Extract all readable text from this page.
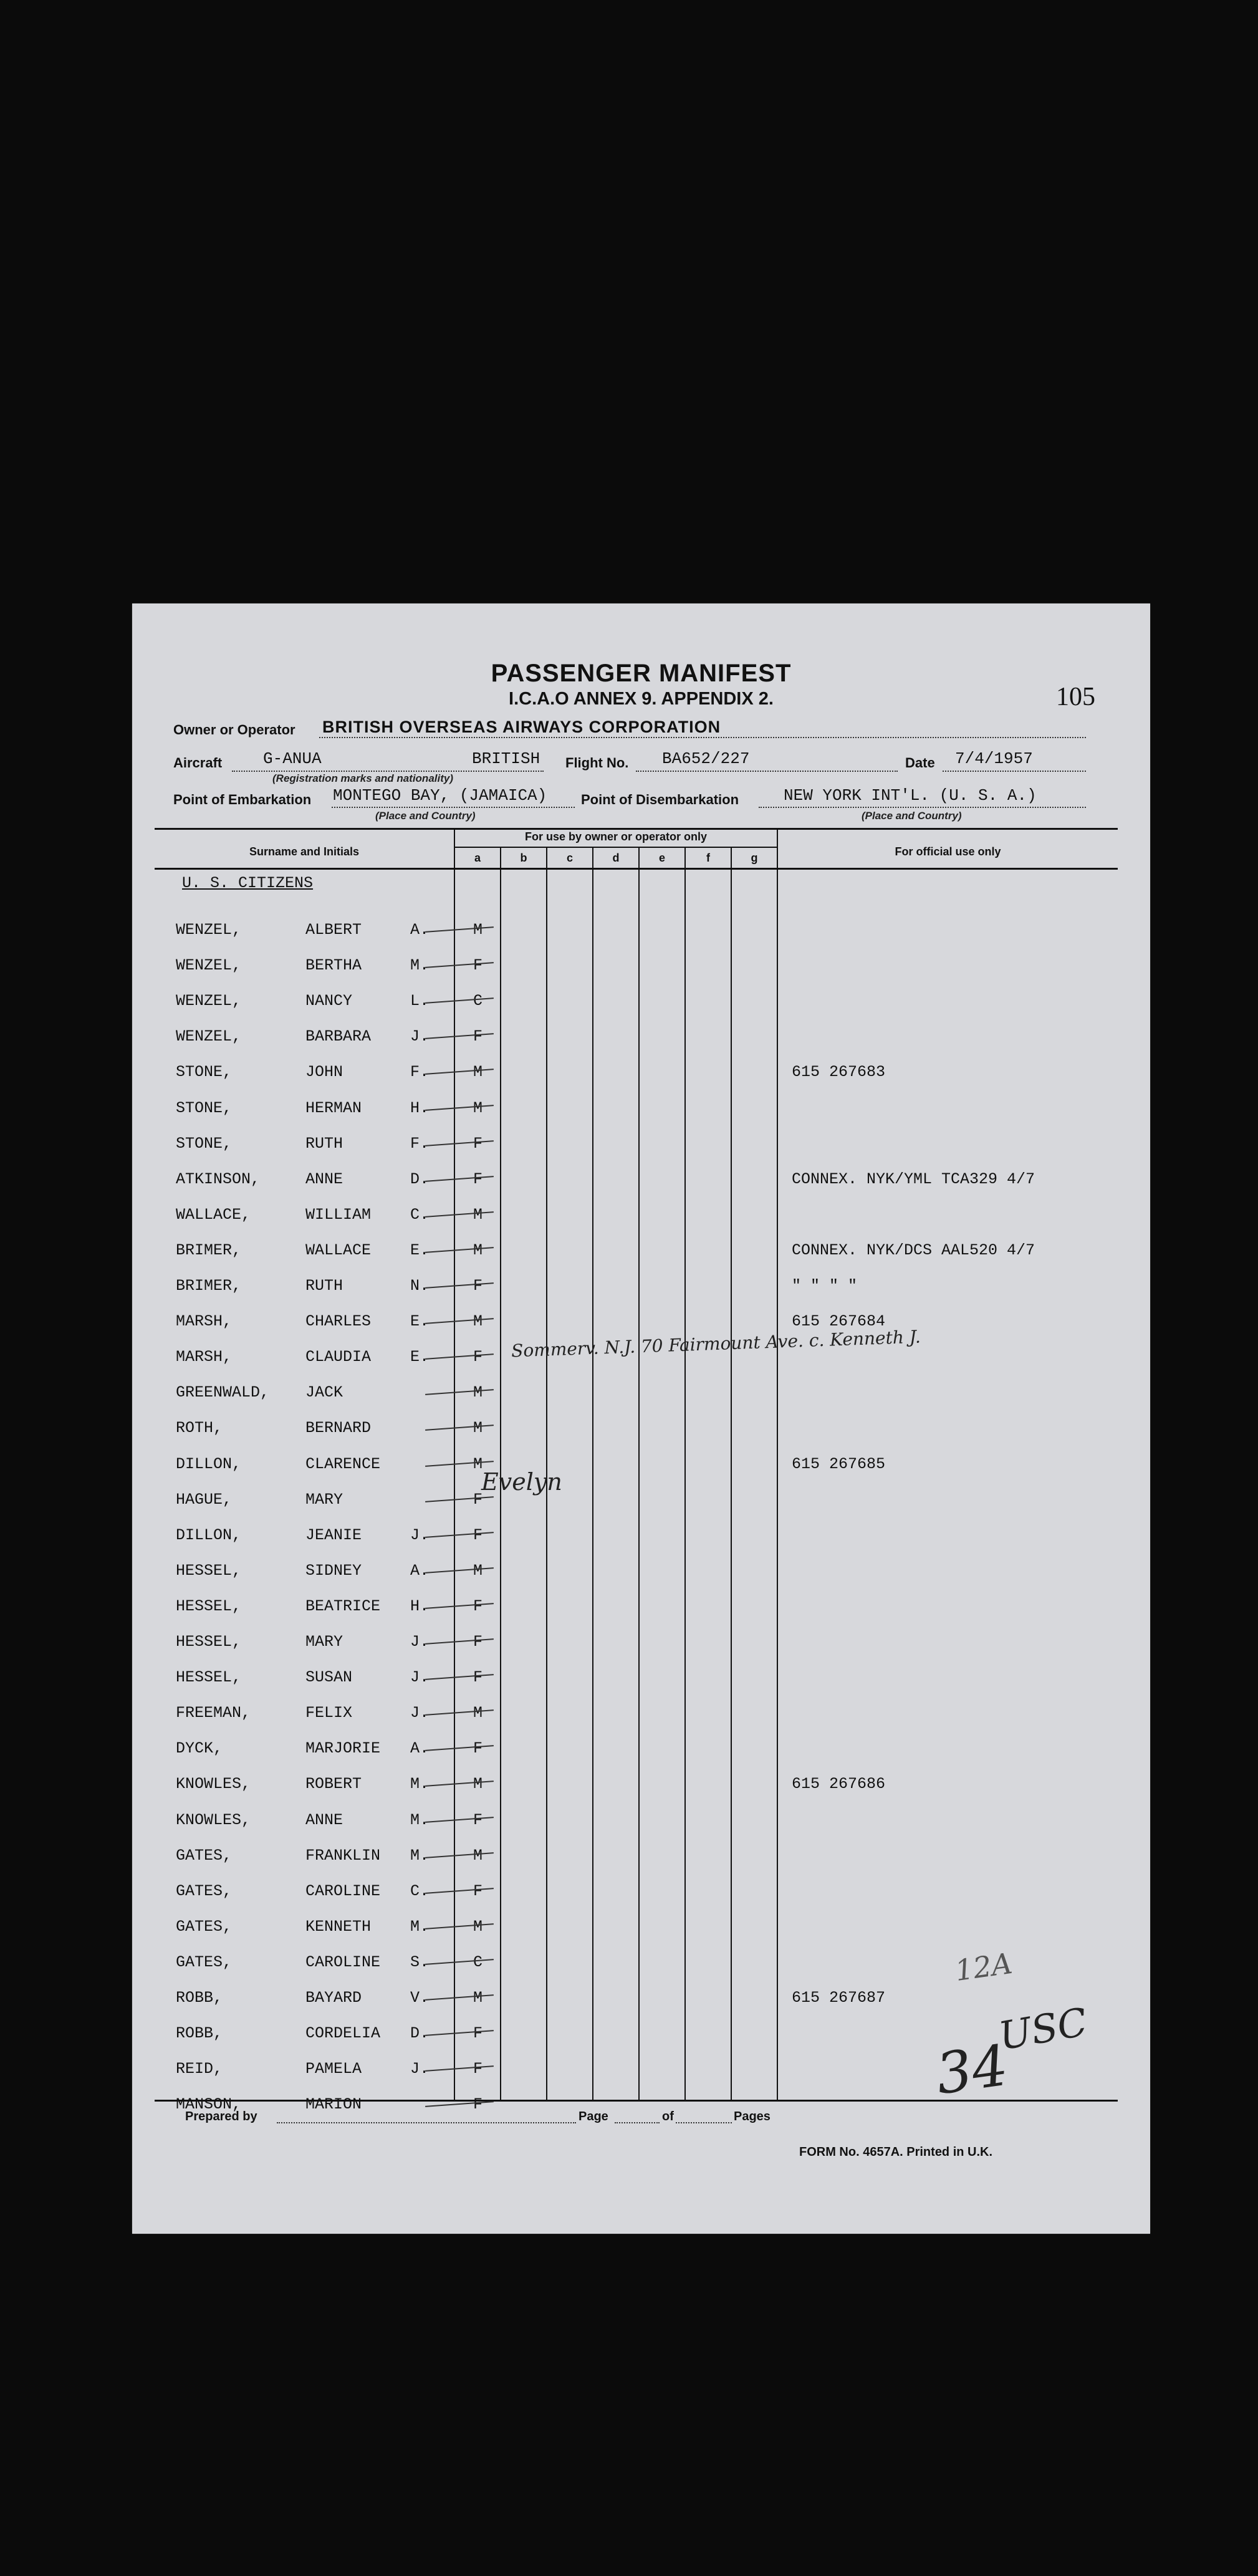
PASSENGER MANIFEST
I.C.A.O ANNEX 9. APPENDIX 2.	105
Owner or Operator BRITISH OVERSEAS AIRWAYS CORPORATION
Aircraft	G-ANUA	BRITISH
(Registration marks and nationality)
Flight No. BA652/227	Date 7/4/1957
Point of Embarkation MONTEGO BAY, (JAMAICA)
(Place and Country)
Point of Disembarkation	NEW YORK INT'L. (U. S. A.)
(Place and Country)
Surname and Initials
For use by owner or operator only
a	b	c	d	e	f	g	For official use only
U. S. CITIZENS
WENZEL,	ALBERT	A.	M
WENZEL,	BERTHA	M.	F
WENZEL,	NANCY	L.	C
WENZEL,	BARBARA	J.	F
STONE,	JOHN	F.	M	615 267683
STONE,	HERMAN	H.	M
STONE,	RUTH	F.	F
ATKINSON,	ANNE	D.	F	CONNEX. NYK/YML TCA329 4/7
WALLACE,	WILLIAM	C.	M
BRIMER,	WALLACE	E.	M	CONNEX. NYK/DCS AAL520 4/7
BRIMER,	RUTH	N.	F	" " " "
MARSH,	CHARLES	E.	M	615 267684
MARSH,	CLAUDIA	E.	F
GREENWALD, JACK	M
ROTH,	BERNARD	M
DILLON,	CLARENCE	M	615 267685
HAGUE,	MARY	F
DILLON,	JEANIE	J.	F
HESSEL,	SIDNEY	A.	M
HESSEL,	BEATRICE H.	F
HESSEL,	MARY	J.	F
HESSEL,	SUSAN	J.	F
FREEMAN,	FELIX	J.	M
DYCK,	MARJORIE A.	F
KNOWLES,	ROBERT	M.	M	615 267686
KNOWLES,	ANNE	M.	F
GATES,	FRANKLIN M.	M
GATES,	CAROLINE C.	F
GATES,	KENNETH	M.	M
GATES,	CAROLINE S.	C
ROBB,	BAYARD	V.	M	615 267687
ROBB,	CORDELIA D.	F
REID,	PAMELA	J.	F
MANSON,	MARION	F
Sommerv. N.J. 70 Fairmount Ave. c. Kenneth J.
Evelyn
12A
34
USC
Prepared by	Page	of	Pages
FORM No. 4657A. Printed in U.K.
